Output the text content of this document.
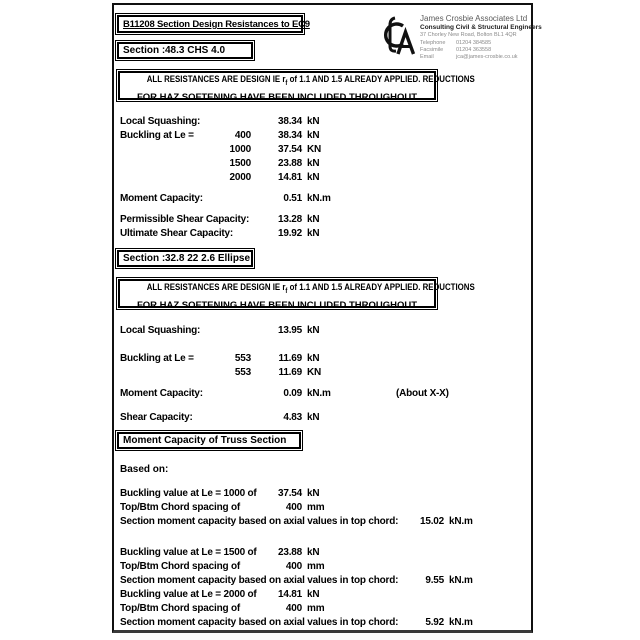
B11208 Section Design Resistances to EC9
James Crosbie Associates Ltd
Consulting Civil & Structural Engineers
37 Chorley New Road, Bolton BL1 4QR
Telephone	01204 384585
Facsimile	01204 363558
Email	jca@james-crosbie.co.uk
Section : 48.3 CHS 4.0
ALL RESISTANCES ARE DESIGN IE $r_f$ of 1.1 AND 1.5 ALREADY APPLIED. REDUCTIONS
FOR HAZ SOFTENING HAVE BEEN INCLUDED THROUGHOUT
Local Squashing:	38.34 kN
Buckling at Le =	400	38.34 kN
1000	37.54 KN
1500	23.88 kN
2000	14.81 kN
Moment Capacity:	0.51 kN.m
Permissible Shear Capacity:	13.28 kN
Ultimate Shear Capacity:	19.92 kN
Section : 32.8 22 2.6 Ellipse
ALL RESISTANCES ARE DESIGN IE $r_f$ of 1.1 AND 1.5 ALREADY APPLIED. REDUCTIONS
FOR HAZ SOFTENING HAVE BEEN INCLUDED THROUGHOUT
Local Squashing:	13.95 kN
Buckling at Le =	553	11.69 kN
553	11.69 KN
Moment Capacity:	0.09 kN.m	(About X-X)
Shear Capacity:	4.83 kN
Moment Capacity of Truss Section
Based on:
Buckling value at Le = 1000 of	37.54 kN
Top/Btm Chord spacing of	400 mm
Section moment capacity based on axial values in top chord:	15.02 kN.m
Buckling value at Le = 1500 of	23.88 kN
Top/Btm Chord spacing of	400 mm
Section moment capacity based on axial values in top chord:	9.55 kN.m
Buckling value at Le = 2000 of	14.81 kN
Top/Btm Chord spacing of	400 mm
Section moment capacity based on axial values in top chord:	5.92 kN.m
